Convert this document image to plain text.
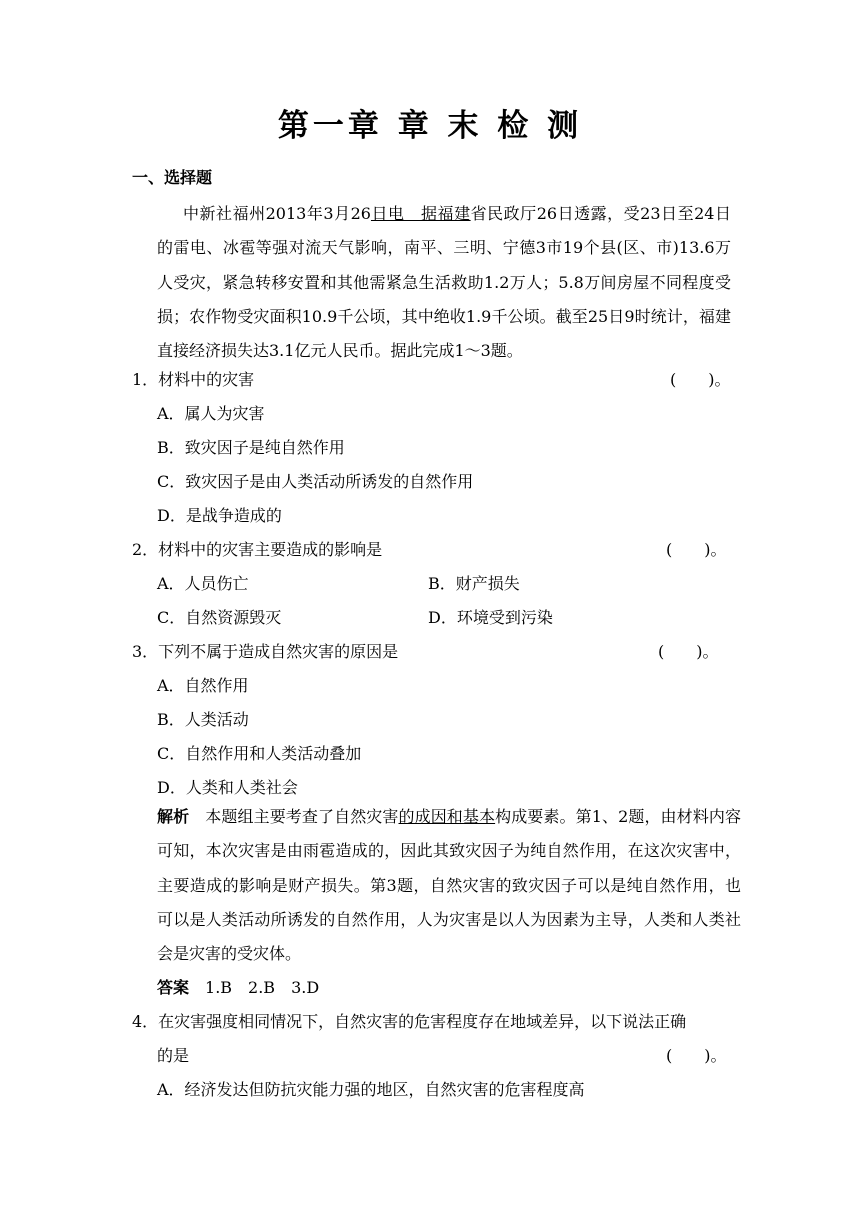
第一章 章 末 检 测
一、选择题
中新社福州2013年3月26日电　据福建省民政厅26日透露，受23日至24日的雷电、冰雹等强对流天气影响，南平、三明、宁德3市19个县(区、市)13.6万人受灾，紧急转移安置和其他需紧急生活救助1.2万人；5.8万间房屋不同程度受损；农作物受灾面积10.9千公顷，其中绝收1.9千公顷。截至25日9时统计，福建直接经济损失达3.1亿元人民币。据此完成1～3题。
1．材料中的灾害	(　　)。
A．属人为灾害
B．致灾因子是纯自然作用
C．致灾因子是由人类活动所诱发的自然作用
D．是战争造成的
2．材料中的灾害主要造成的影响是	(　　)。
A．人员伤亡	B．财产损失
C．自然资源毁灭	D．环境受到污染
3．下列不属于造成自然灾害的原因是	(　　)。
A．自然作用
B．人类活动
C．自然作用和人类活动叠加
D．人类和人类社会
解析　本题组主要考查了自然灾害的成因和基本构成要素。第1、2题，由材料内容可知，本次灾害是由雨雹造成的，因此其致灾因子为纯自然作用，在这次灾害中，主要造成的影响是财产损失。第3题，自然灾害的致灾因子可以是纯自然作用，也可以是人类活动所诱发的自然作用，人为灾害是以人为因素为主导，人类和人类社会是灾害的受灾体。
答案　1.B　2.B　3.D
4．在灾害强度相同情况下，自然灾害的危害程度存在地域差异，以下说法正确
的是	(　　)。
A．经济发达但防抗灾能力强的地区，自然灾害的危害程度高
